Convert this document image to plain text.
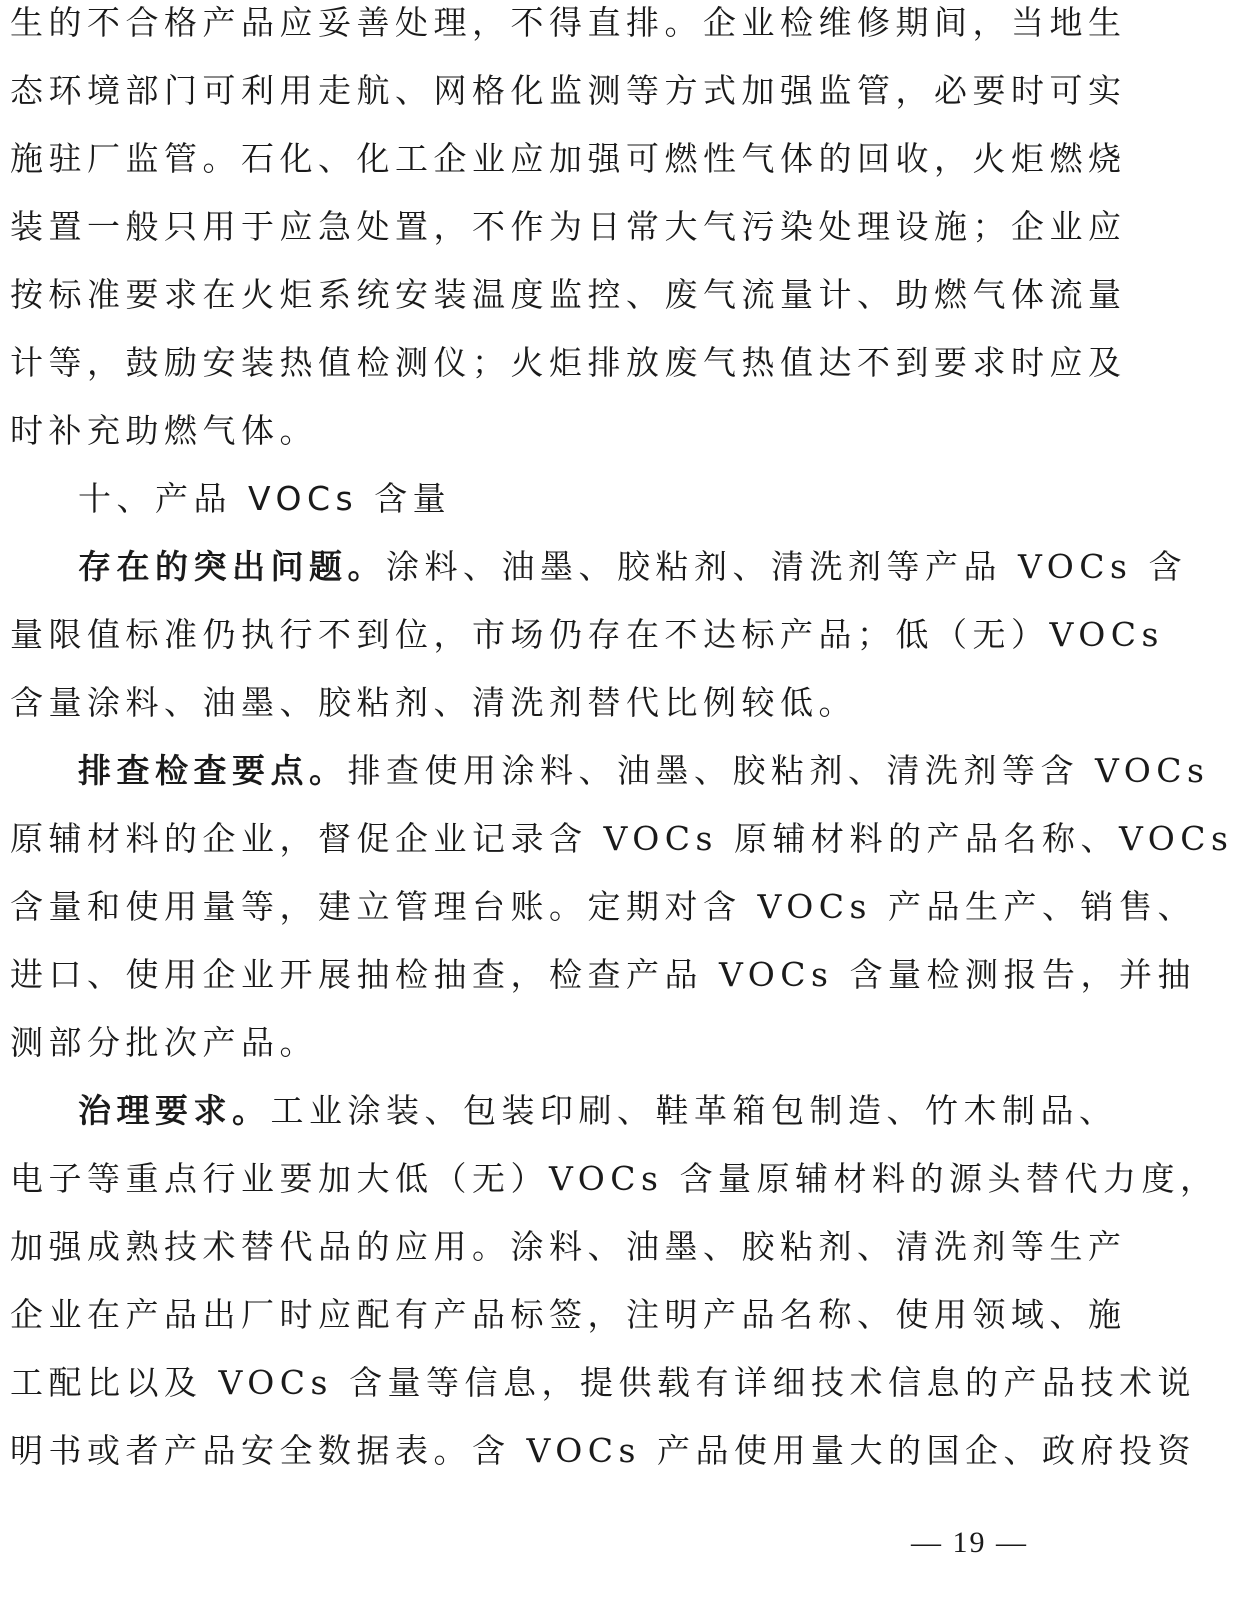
生的不合格产品应妥善处理，不得直排。企业检维修期间，当地生
态环境部门可利用走航、网格化监测等方式加强监管，必要时可实
施驻厂监管。石化、化工企业应加强可燃性气体的回收，火炬燃烧
装置一般只用于应急处置，不作为日常大气污染处理设施；企业应
按标准要求在火炬系统安装温度监控、废气流量计、助燃气体流量
计等，鼓励安装热值检测仪；火炬排放废气热值达不到要求时应及
时补充助燃气体。
十、产品 VOCs 含量
存在的突出问题。涂料、油墨、胶粘剂、清洗剂等产品 VOCs 含
量限值标准仍执行不到位，市场仍存在不达标产品；低（无）VOCs
含量涂料、油墨、胶粘剂、清洗剂替代比例较低。
排查检查要点。排查使用涂料、油墨、胶粘剂、清洗剂等含 VOCs
原辅材料的企业，督促企业记录含 VOCs 原辅材料的产品名称、VOCs
含量和使用量等，建立管理台账。定期对含 VOCs 产品生产、销售、
进口、使用企业开展抽检抽查，检查产品 VOCs 含量检测报告，并抽
测部分批次产品。
治理要求。工业涂装、包装印刷、鞋革箱包制造、竹木制品、
电子等重点行业要加大低（无）VOCs 含量原辅材料的源头替代力度，
加强成熟技术替代品的应用。涂料、油墨、胶粘剂、清洗剂等生产
企业在产品出厂时应配有产品标签，注明产品名称、使用领域、施
工配比以及 VOCs 含量等信息，提供载有详细技术信息的产品技术说
明书或者产品安全数据表。含 VOCs 产品使用量大的国企、政府投资
— 19 —
